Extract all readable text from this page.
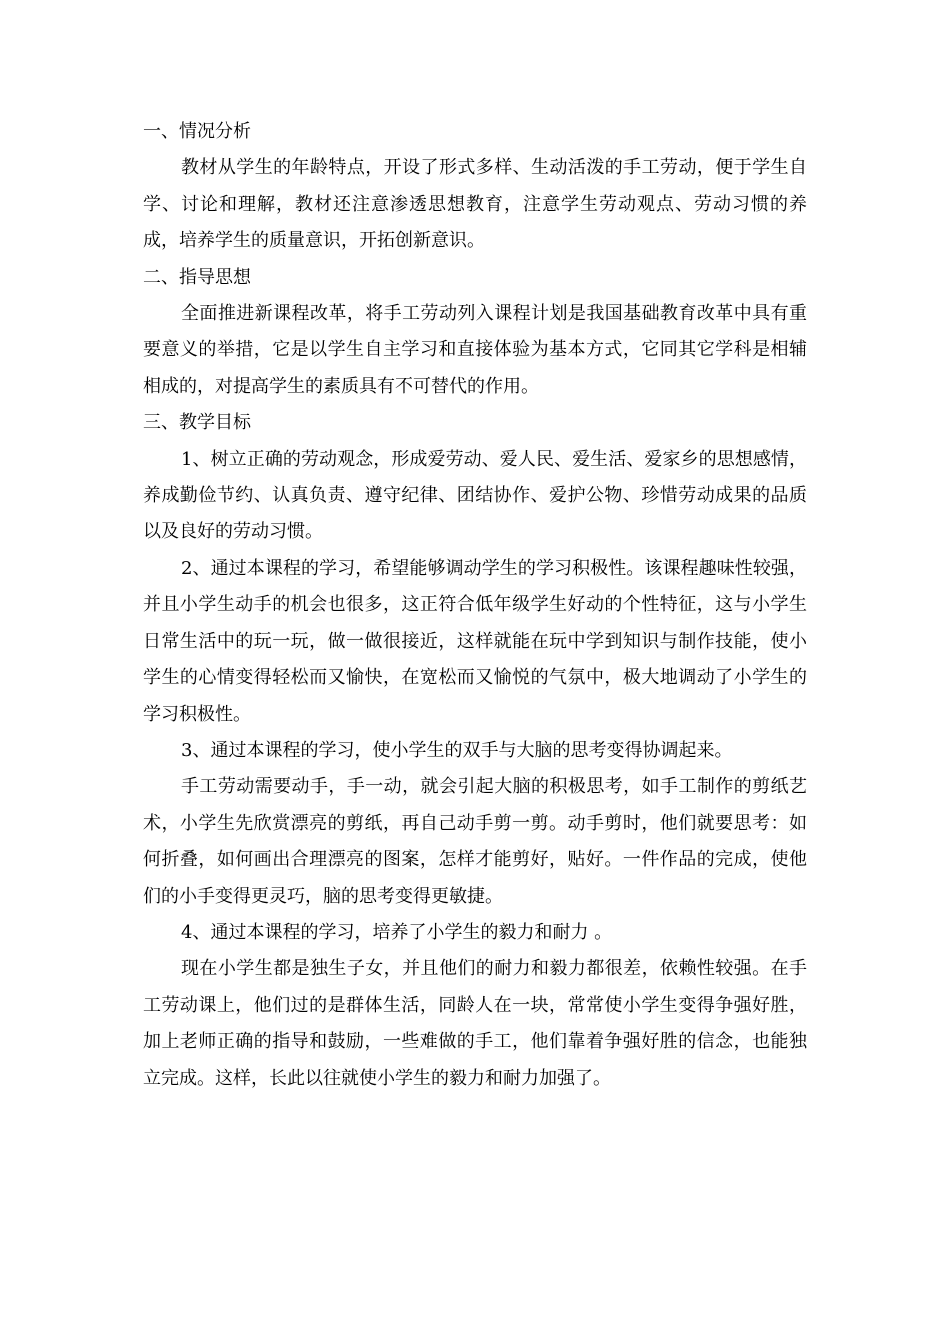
一、情况分析

教材从学生的年龄特点，开设了形式多样、生动活泼的手工劳动，便于学生自学、讨论和理解，教材还注意渗透思想教育，注意学生劳动观点、劳动习惯的养成，培养学生的质量意识，开拓创新意识。

二、指导思想

全面推进新课程改革，将手工劳动列入课程计划是我国基础教育改革中具有重要意义的举措，它是以学生自主学习和直接体验为基本方式，它同其它学科是相辅相成的，对提高学生的素质具有不可替代的作用。

三、教学目标

1、树立正确的劳动观念，形成爱劳动、爱人民、爱生活、爱家乡的思想感情，养成勤俭节约、认真负责、遵守纪律、团结协作、爱护公物、珍惜劳动成果的品质以及良好的劳动习惯。

2、通过本课程的学习，希望能够调动学生的学习积极性。该课程趣味性较强，并且小学生动手的机会也很多，这正符合低年级学生好动的个性特征，这与小学生日常生活中的玩一玩，做一做很接近，这样就能在玩中学到知识与制作技能，使小学生的心情变得轻松而又愉快，在宽松而又愉悦的气氛中，极大地调动了小学生的学习积极性。

3、通过本课程的学习，使小学生的双手与大脑的思考变得协调起来。

手工劳动需要动手，手一动，就会引起大脑的积极思考，如手工制作的剪纸艺术，小学生先欣赏漂亮的剪纸，再自己动手剪一剪。动手剪时，他们就要思考：如何折叠，如何画出合理漂亮的图案，怎样才能剪好，贴好。一件作品的完成，使他们的小手变得更灵巧，脑的思考变得更敏捷。

4、通过本课程的学习，培养了小学生的毅力和耐力 。

现在小学生都是独生子女，并且他们的耐力和毅力都很差，依赖性较强。在手工劳动课上，他们过的是群体生活，同龄人在一块，常常使小学生变得争强好胜，加上老师正确的指导和鼓励，一些难做的手工，他们靠着争强好胜的信念，也能独立完成。这样，长此以往就使小学生的毅力和耐力加强了。
